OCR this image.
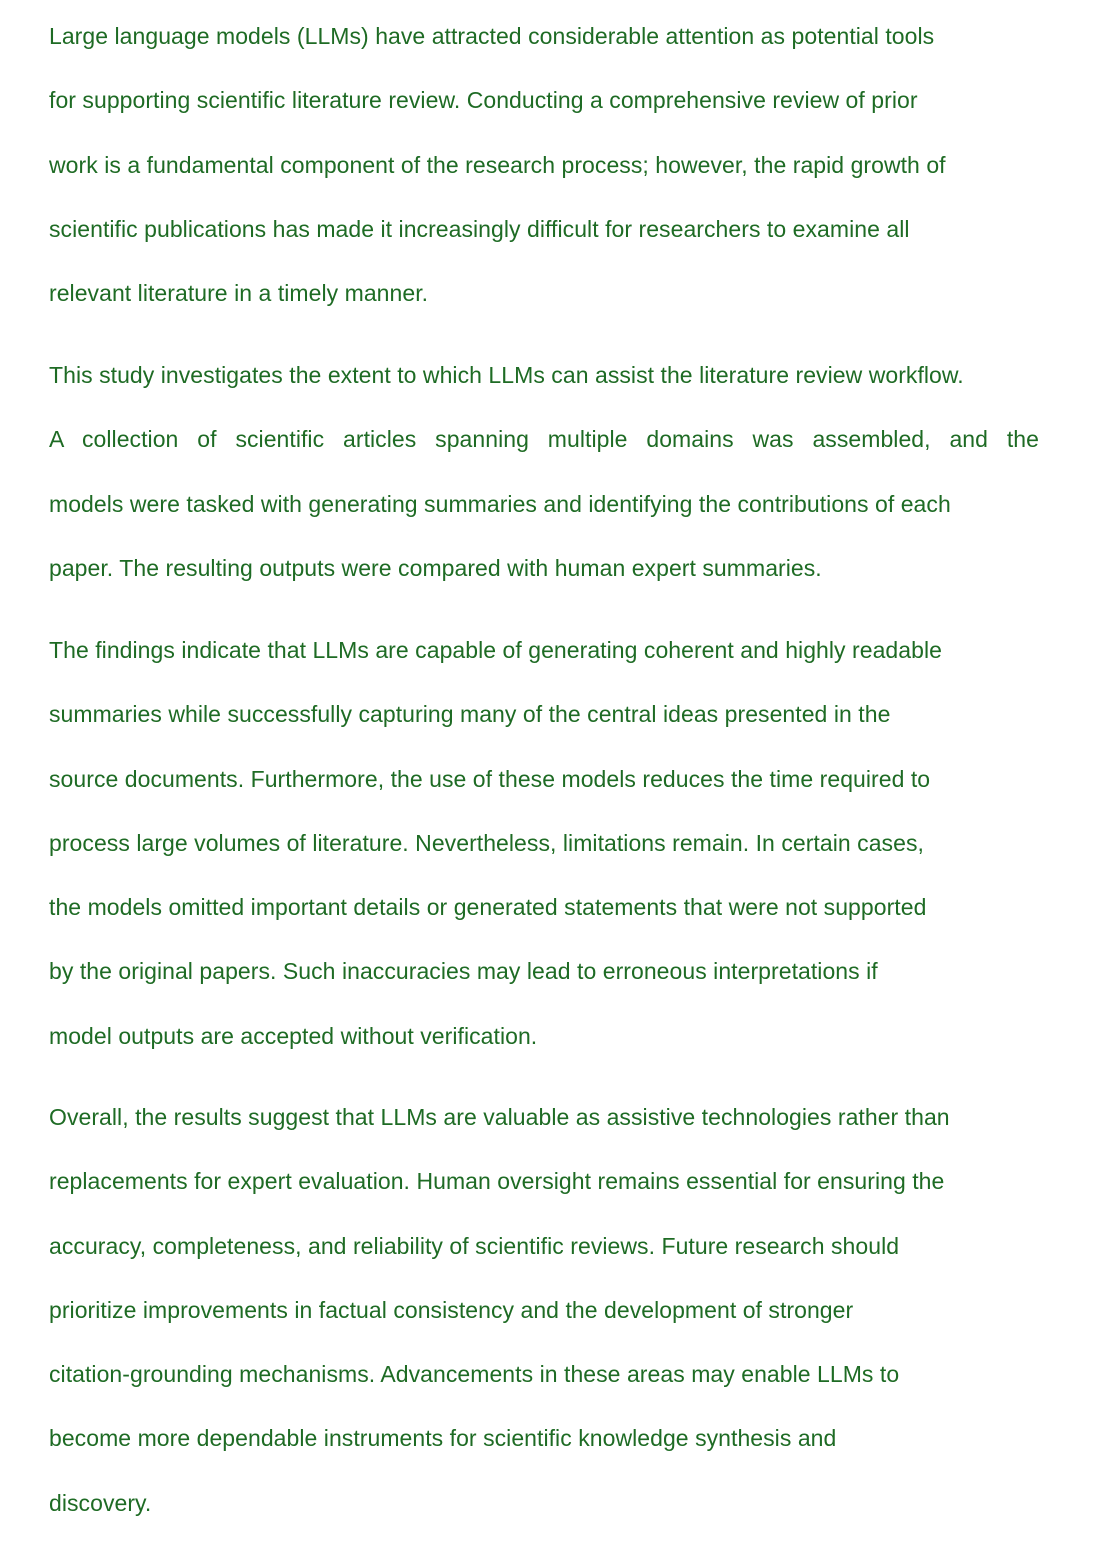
Large language models (LLMs) have attracted considerable attention as potential tools
for supporting scientific literature review. Conducting a comprehensive review of prior
work is a fundamental component of the research process; however, the rapid growth of
scientific publications has made it increasingly difficult for researchers to examine all
relevant literature in a timely manner.

This study investigates the extent to which LLMs can assist the literature review workflow.
A collection of scientific articles spanning multiple domains was assembled, and the
models were tasked with generating summaries and identifying the contributions of each
paper. The resulting outputs were compared with human expert summaries.

The findings indicate that LLMs are capable of generating coherent and highly readable
summaries while successfully capturing many of the central ideas presented in the
source documents. Furthermore, the use of these models reduces the time required to
process large volumes of literature. Nevertheless, limitations remain. In certain cases,
the models omitted important details or generated statements that were not supported
by the original papers. Such inaccuracies may lead to erroneous interpretations if
model outputs are accepted without verification.

Overall, the results suggest that LLMs are valuable as assistive technologies rather than
replacements for expert evaluation. Human oversight remains essential for ensuring the
accuracy, completeness, and reliability of scientific reviews. Future research should
prioritize improvements in factual consistency and the development of stronger
citation-grounding mechanisms. Advancements in these areas may enable LLMs to
become more dependable instruments for scientific knowledge synthesis and
discovery.
